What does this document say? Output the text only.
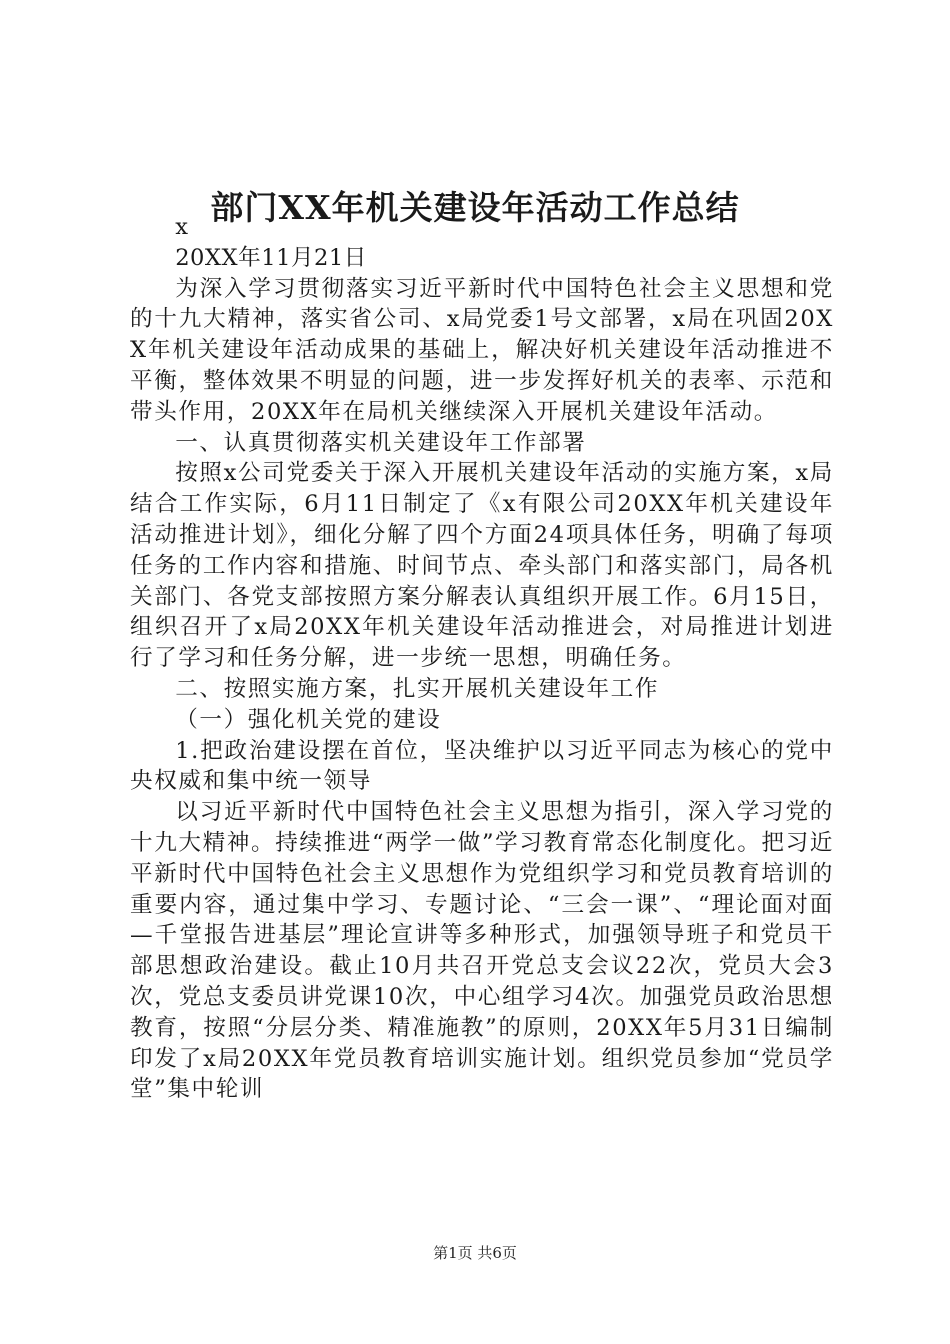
部门XX年机关建设年活动工作总结

x

20XX年11月21日

为深入学习贯彻落实习近平新时代中国特色社会主义思想和党的十九大精神，落实省公司、x局党委1号文部署，x局在巩固20XX年机关建设年活动成果的基础上，解决好机关建设年活动推进不平衡，整体效果不明显的问题，进一步发挥好机关的表率、示范和带头作用，20XX年在局机关继续深入开展机关建设年活动。

一、认真贯彻落实机关建设年工作部署

按照x公司党委关于深入开展机关建设年活动的实施方案，x局结合工作实际，6月11日制定了《x有限公司20XX年机关建设年活动推进计划》，细化分解了四个方面24项具体任务，明确了每项任务的工作内容和措施、时间节点、牵头部门和落实部门，局各机关部门、各党支部按照方案分解表认真组织开展工作。6月15日，组织召开了x局20XX年机关建设年活动推进会，对局推进计划进行了学习和任务分解，进一步统一思想，明确任务。

二、按照实施方案，扎实开展机关建设年工作

（一）强化机关党的建设

1.把政治建设摆在首位，坚决维护以习近平同志为核心的党中央权威和集中统一领导

以习近平新时代中国特色社会主义思想为指引，深入学习党的十九大精神。持续推进“两学一做”学习教育常态化制度化。把习近平新时代中国特色社会主义思想作为党组织学习和党员教育培训的重要内容，通过集中学习、专题讨论、“三会一课”、“理论面对面—千堂报告进基层”理论宣讲等多种形式，加强领导班子和党员干部思想政治建设。截止10月共召开党总支会议22次，党员大会3次，党总支委员讲党课10次，中心组学习4次。加强党员政治思想教育，按照“分层分类、精准施教”的原则，20XX年5月31日编制印发了x局20XX年党员教育培训实施计划。组织党员参加“党员学堂”集中轮训

第1页 共6页
